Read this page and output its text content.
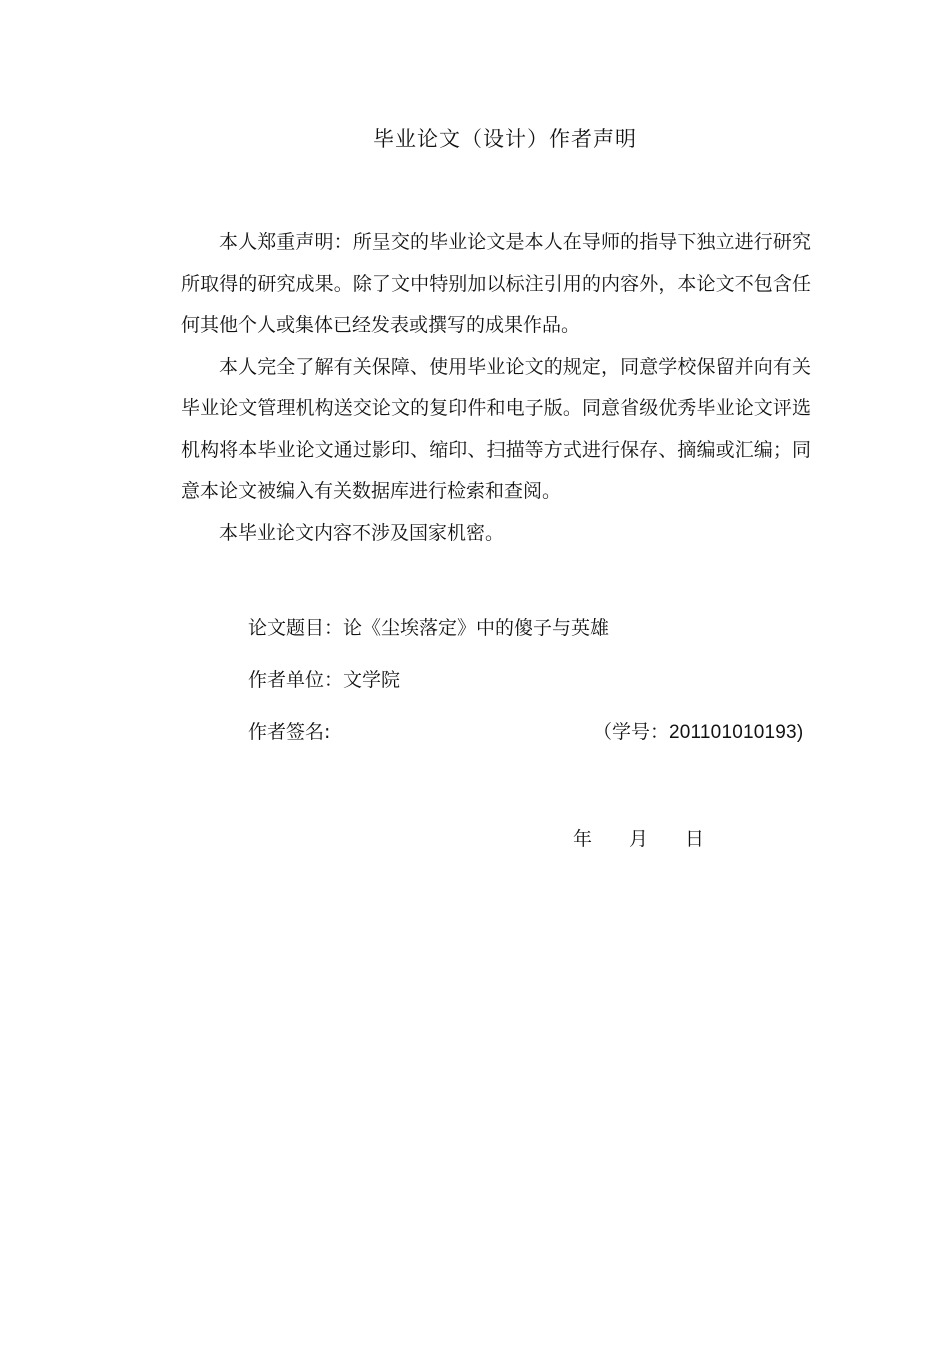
毕业论文（设计）作者声明

本人郑重声明：所呈交的毕业论文是本人在导师的指导下独立进行研究所取得的研究成果。除了文中特别加以标注引用的内容外，本论文不包含任何其他个人或集体已经发表或撰写的成果作品。

本人完全了解有关保障、使用毕业论文的规定，同意学校保留并向有关毕业论文管理机构送交论文的复印件和电子版。同意省级优秀毕业论文评选机构将本毕业论文通过影印、缩印、扫描等方式进行保存、摘编或汇编；同意本论文被编入有关数据库进行检索和查阅。

本毕业论文内容不涉及国家机密。

论文题目：论《尘埃落定》中的傻子与英雄
作者单位：文学院
作者签名:	（学号：201101010193)
年 月 日
